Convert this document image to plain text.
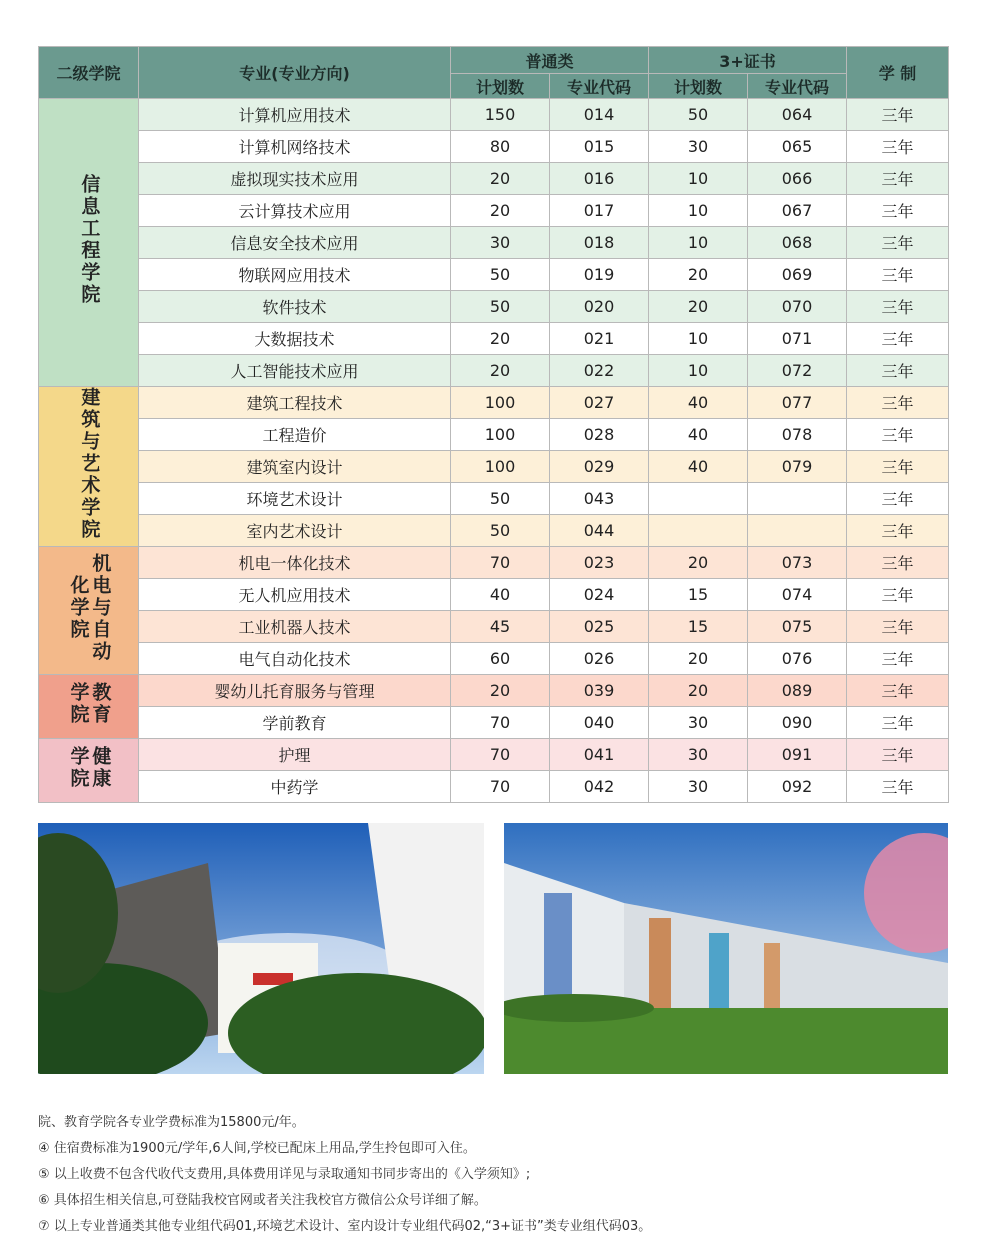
二级学院	专业(专业方向)	普通类		3+证书		学 制
		计划数	专业代码	计划数	专业代码	
信息工程学院	计算机应用技术	150	014	50	064	三年
	计算机网络技术	80	015	30	065	三年
	虚拟现实技术应用	20	016	10	066	三年
	云计算技术应用	20	017	10	067	三年
	信息安全技术应用	30	018	10	068	三年
	物联网应用技术	50	019	20	069	三年
	软件技术	50	020	20	070	三年
	大数据技术	20	021	10	071	三年
	人工智能技术应用	20	022	10	072	三年
建筑与艺术学院	建筑工程技术	100	027	40	077	三年
	工程造价	100	028	40	078	三年
	建筑室内设计	100	029	40	079	三年
	环境艺术设计	50	043			三年
	室内艺术设计	50	044			三年
机电与自动化学院	机电一体化技术	70	023	20	073	三年
	无人机应用技术	40	024	15	074	三年
	工业机器人技术	45	025	15	075	三年
	电气自动化技术	60	026	20	076	三年
教育学院	婴幼儿托育服务与管理	20	039	20	089	三年
	学前教育	70	040	30	090	三年
健康学院	护理	70	041	30	091	三年
	中药学	70	042	30	092	三年
院、教育学院各专业学费标准为15800元/年。
④ 住宿费标准为1900元/学年,6人间,学校已配床上用品,学生拎包即可入住。
⑤ 以上收费不包含代收代支费用,具体费用详见与录取通知书同步寄出的《入学须知》;
⑥ 具体招生相关信息,可登陆我校官网或者关注我校官方微信公众号详细了解。
⑦ 以上专业普通类其他专业组代码01,环境艺术设计、室内设计专业组代码02,“3+证书”类专业组代码03。
